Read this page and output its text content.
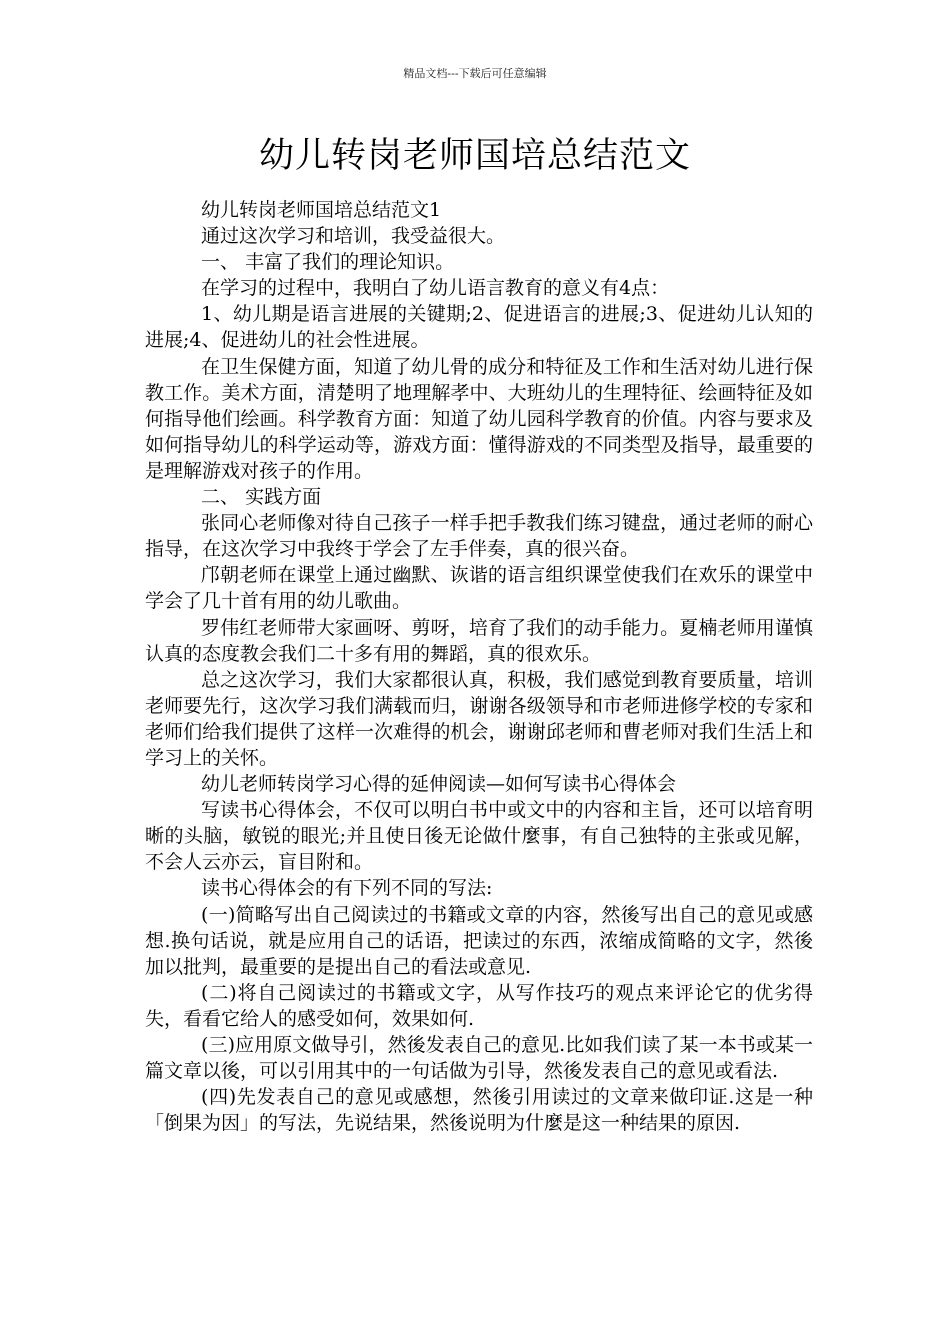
精品文档---下载后可任意编辑
幼儿转岗老师国培总结范文

幼儿转岗老师国培总结范文1

通过这次学习和培训，我受益很大。

一、 丰富了我们的理论知识。

在学习的过程中，我明白了幼儿语言教育的意义有4点：

1、幼儿期是语言进展的关键期;2、促进语言的进展;3、促进幼儿认知的进展;4、促进幼儿的社会性进展。

在卫生保健方面，知道了幼儿骨的成分和特征及工作和生活对幼儿进行保教工作。美术方面，清楚明了地理解孝中、大班幼儿的生理特征、绘画特征及如何指导他们绘画。科学教育方面：知道了幼儿园科学教育的价值。内容与要求及如何指导幼儿的科学运动等，游戏方面：懂得游戏的不同类型及指导，最重要的是理解游戏对孩子的作用。

二、 实践方面

张同心老师像对待自己孩子一样手把手教我们练习键盘，通过老师的耐心指导，在这次学习中我终于学会了左手伴奏，真的很兴奋。

邝朝老师在课堂上通过幽默、诙谐的语言组织课堂使我们在欢乐的课堂中学会了几十首有用的幼儿歌曲。

罗伟红老师带大家画呀、剪呀，培育了我们的动手能力。夏楠老师用谨慎认真的态度教会我们二十多有用的舞蹈，真的很欢乐。

总之这次学习，我们大家都很认真，积极，我们感觉到教育要质量，培训老师要先行，这次学习我们满载而归，谢谢各级领导和市老师进修学校的专家和老师们给我们提供了这样一次难得的机会，谢谢邱老师和曹老师对我们生活上和学习上的关怀。

幼儿老师转岗学习心得的延伸阅读—如何写读书心得体会

写读书心得体会，不仅可以明白书中或文中的内容和主旨，还可以培育明晰的头脑，敏锐的眼光;并且使日後无论做什麼事，有自己独特的主张或见解，不会人云亦云，盲目附和。

读书心得体会的有下列不同的写法:

(一)简略写出自己阅读过的书籍或文章的内容，然後写出自己的意见或感想.换句话说，就是应用自己的话语，把读过的东西，浓缩成简略的文字，然後加以批判，最重要的是提出自己的看法或意见.

(二)将自己阅读过的书籍或文字，从写作技巧的观点来评论它的优劣得失，看看它给人的感受如何，效果如何.

(三)应用原文做导引，然後发表自己的意见.比如我们读了某一本书或某一篇文章以後，可以引用其中的一句话做为引导，然後发表自己的意见或看法.

(四)先发表自己的意见或感想，然後引用读过的文章来做印证.这是一种「倒果为因」的写法，先说结果，然後说明为什麼是这一种结果的原因.
